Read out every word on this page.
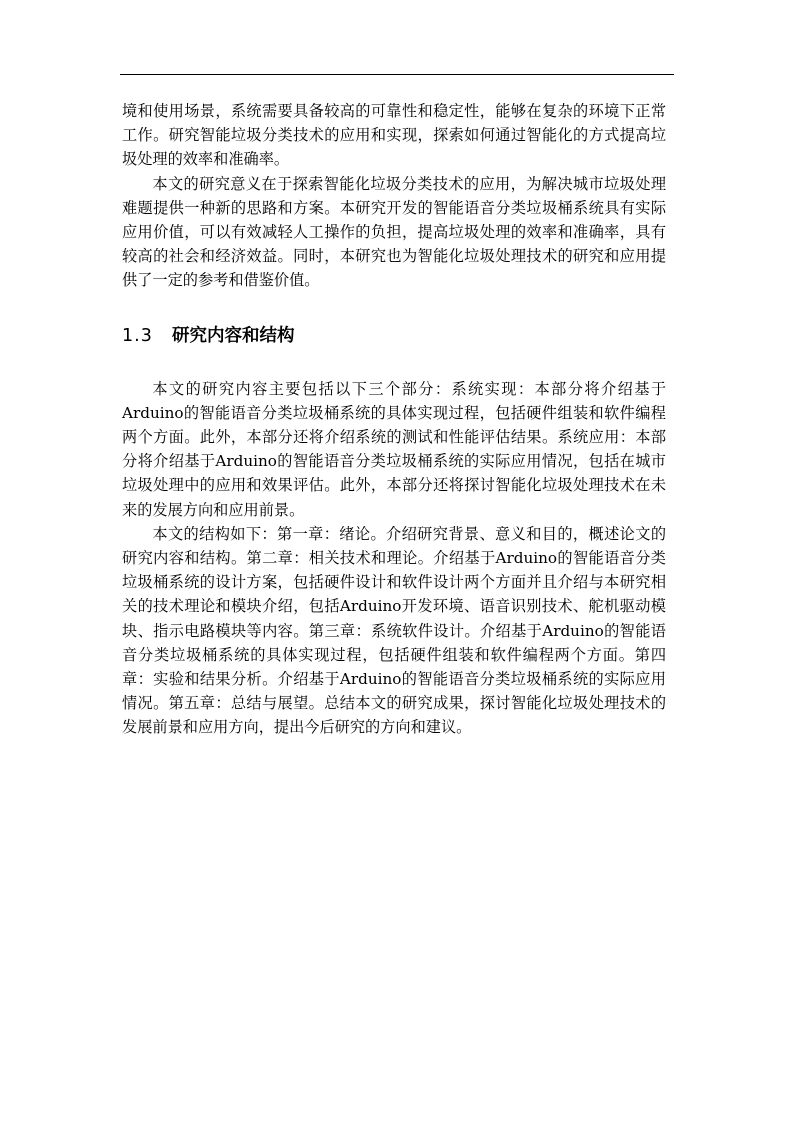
境和使用场景，系统需要具备较高的可靠性和稳定性，能够在复杂的环境下正常工作。研究智能垃圾分类技术的应用和实现，探索如何通过智能化的方式提高垃圾处理的效率和准确率。

本文的研究意义在于探索智能化垃圾分类技术的应用，为解决城市垃圾处理难题提供一种新的思路和方案。本研究开发的智能语音分类垃圾桶系统具有实际应用价值，可以有效减轻人工操作的负担，提高垃圾处理的效率和准确率，具有较高的社会和经济效益。同时，本研究也为智能化垃圾处理技术的研究和应用提供了一定的参考和借鉴价值。

1.3 研究内容和结构

本文的研究内容主要包括以下三个部分：系统实现：本部分将介绍基于Arduino的智能语音分类垃圾桶系统的具体实现过程，包括硬件组装和软件编程两个方面。此外，本部分还将介绍系统的测试和性能评估结果。系统应用：本部分将介绍基于Arduino的智能语音分类垃圾桶系统的实际应用情况，包括在城市垃圾处理中的应用和效果评估。此外，本部分还将探讨智能化垃圾处理技术在未来的发展方向和应用前景。

本文的结构如下：第一章：绪论。介绍研究背景、意义和目的，概述论文的研究内容和结构。第二章：相关技术和理论。介绍基于Arduino的智能语音分类垃圾桶系统的设计方案，包括硬件设计和软件设计两个方面并且介绍与本研究相关的技术理论和模块介绍，包括Arduino开发环境、语音识别技术、舵机驱动模块、指示电路模块等内容。第三章：系统软件设计。介绍基于Arduino的智能语音分类垃圾桶系统的具体实现过程，包括硬件组装和软件编程两个方面。第四章：实验和结果分析。介绍基于Arduino的智能语音分类垃圾桶系统的实际应用情况。第五章：总结与展望。总结本文的研究成果，探讨智能化垃圾处理技术的发展前景和应用方向，提出今后研究的方向和建议。
